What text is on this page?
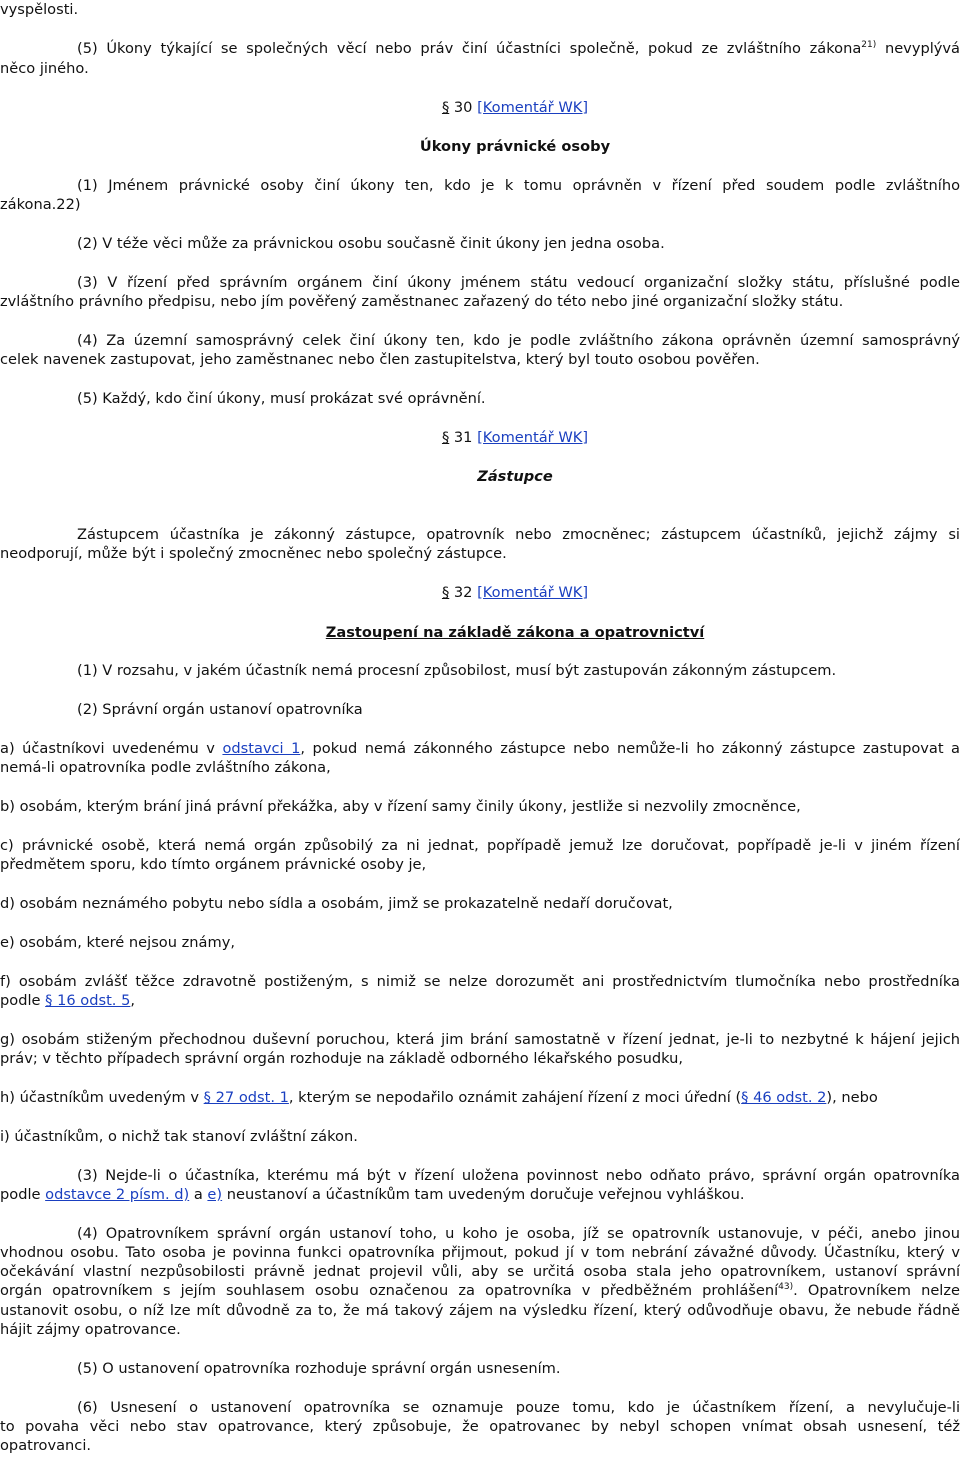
vyspělosti.
(5) Úkony týkající se společných věcí nebo práv činí účastníci společně, pokud ze zvláštního zákona$^{21)}$ nevyplývá
něco jiného.
§ 30 [Komentář WK]
Úkony právnické osoby
(1) Jménem právnické osoby činí úkony ten, kdo je k tomu oprávněn v řízení před soudem podle zvláštního
zákona.22)
(2) V téže věci může za právnickou osobu současně činit úkony jen jedna osoba.
(3) V řízení před správním orgánem činí úkony jménem státu vedoucí organizační složky státu, příslušné podle
zvláštního právního předpisu, nebo jím pověřený zaměstnanec zařazený do této nebo jiné organizační složky státu.
(4) Za územní samosprávný celek činí úkony ten, kdo je podle zvláštního zákona oprávněn územní samosprávný
celek navenek zastupovat, jeho zaměstnanec nebo člen zastupitelstva, který byl touto osobou pověřen.
(5) Každý, kdo činí úkony, musí prokázat své oprávnění.
§ 31 [Komentář WK]
Zástupce
Zástupcem účastníka je zákonný zástupce, opatrovník nebo zmocněnec; zástupcem účastníků, jejichž zájmy si
neodporují, může být i společný zmocněnec nebo společný zástupce.
§ 32 [Komentář WK]
Zastoupení na základě zákona a opatrovnictví
(1) V rozsahu, v jakém účastník nemá procesní způsobilost, musí být zastupován zákonným zástupcem.
(2) Správní orgán ustanoví opatrovníka
a) účastníkovi uvedenému v odstavci 1, pokud nemá zákonného zástupce nebo nemůže-li ho zákonný zástupce zastupovat a
nemá-li opatrovníka podle zvláštního zákona,
b) osobám, kterým brání jiná právní překážka, aby v řízení samy činily úkony, jestliže si nezvolily zmocněnce,
c) právnické osobě, která nemá orgán způsobilý za ni jednat, popřípadě jemuž lze doručovat, popřípadě je-li v jiném řízení
předmětem sporu, kdo tímto orgánem právnické osoby je,
d) osobám neznámého pobytu nebo sídla a osobám, jimž se prokazatelně nedaří doručovat,
e) osobám, které nejsou známy,
f) osobám zvlášť těžce zdravotně postiženým, s nimiž se nelze dorozumět ani prostřednictvím tlumočníka nebo prostředníka
podle § 16 odst. 5,
g) osobám stiženým přechodnou duševní poruchou, která jim brání samostatně v řízení jednat, je-li to nezbytné k hájení jejich
práv; v těchto případech správní orgán rozhoduje na základě odborného lékařského posudku,
h) účastníkům uvedeným v § 27 odst. 1, kterým se nepodařilo oznámit zahájení řízení z moci úřední (§ 46 odst. 2), nebo
i) účastníkům, o nichž tak stanoví zvláštní zákon.
(3) Nejde-li o účastníka, kterému má být v řízení uložena povinnost nebo odňato právo, správní orgán opatrovníka
podle odstavce 2 písm. d) a e) neustanoví a účastníkům tam uvedeným doručuje veřejnou vyhláškou.
(4) Opatrovníkem správní orgán ustanoví toho, u koho je osoba, jíž se opatrovník ustanovuje, v péči, anebo jinou
vhodnou osobu. Tato osoba je povinna funkci opatrovníka přijmout, pokud jí v tom nebrání závažné důvody. Účastníku, který v
očekávání vlastní nezpůsobilosti právně jednat projevil vůli, aby se určitá osoba stala jeho opatrovníkem, ustanoví správní
orgán opatrovníkem s jejím souhlasem osobu označenou za opatrovníka v předběžném prohlášení$^{43)}$. Opatrovníkem nelze
ustanovit osobu, o níž lze mít důvodně za to, že má takový zájem na výsledku řízení, který odůvodňuje obavu, že nebude řádně
hájit zájmy opatrovance.
(5) O ustanovení opatrovníka rozhoduje správní orgán usnesením.
(6) Usnesení o ustanovení opatrovníka se oznamuje pouze tomu, kdo je účastníkem řízení, a nevylučuje-li
to povaha věci nebo stav opatrovance, který způsobuje, že opatrovanec by nebyl schopen vnímat obsah usnesení, též
opatrovanci.
